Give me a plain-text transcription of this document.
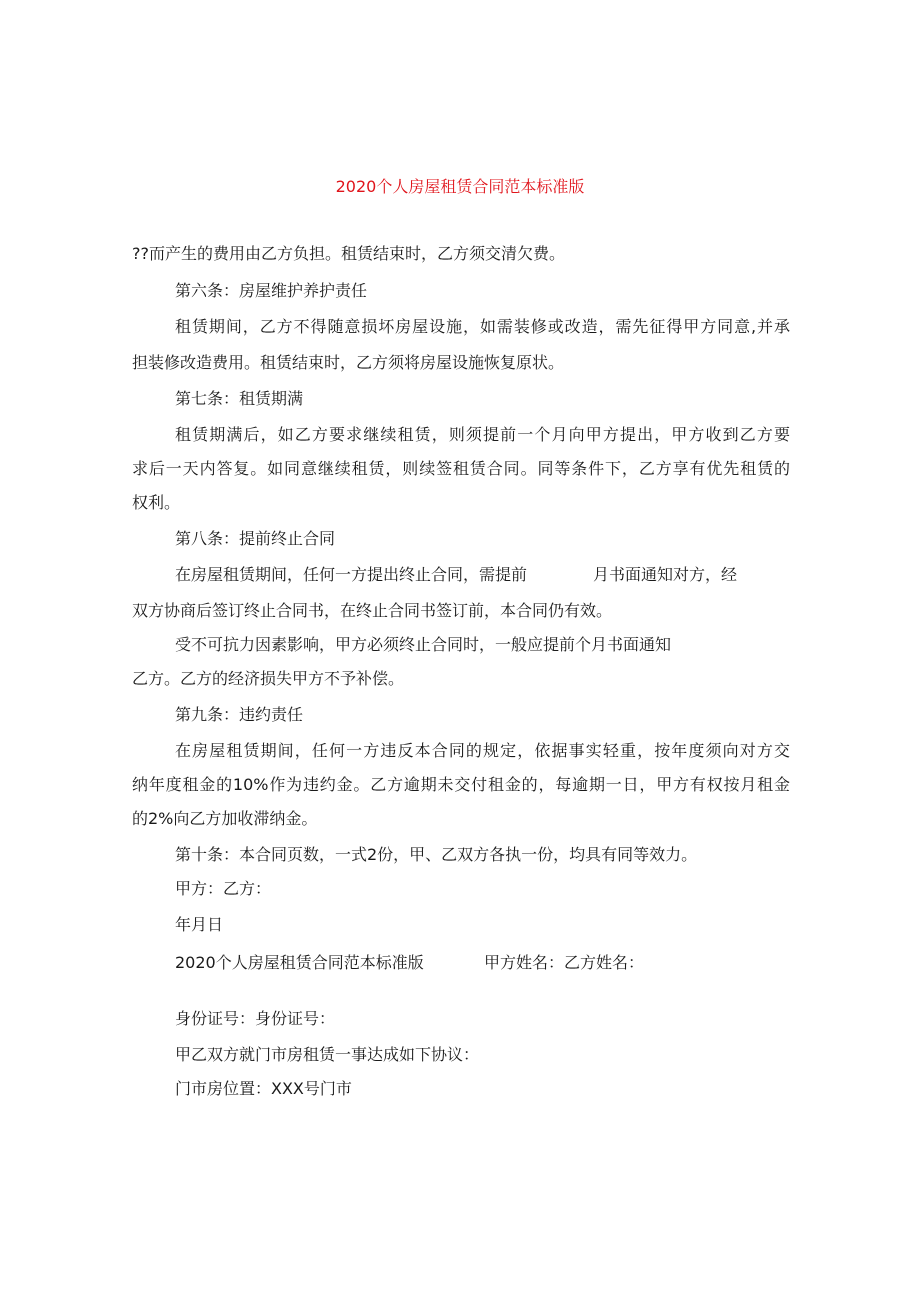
2020个人房屋租赁合同范本标准版
??而产生的费用由乙方负担。租赁结束时，乙方须交清欠费。
第六条：房屋维护养护责任
租赁期间，乙方不得随意损坏房屋设施，如需装修或改造，需先征得甲方同意,并承
担装修改造费用。租赁结束时，乙方须将房屋设施恢复原状。
第七条：租赁期满
租赁期满后，如乙方要求继续租赁，则须提前一个月向甲方提出，甲方收到乙方要
求后一天内答复。如同意继续租赁，则续签租赁合同。同等条件下，乙方享有优先租赁的
权利。
第八条：提前终止合同
在房屋租赁期间，任何一方提出终止合同，需提前	月书面通知对方，经
双方协商后签订终止合同书，在终止合同书签订前，本合同仍有效。
受不可抗力因素影响，甲方必须终止合同时，一般应提前个月书面通知
乙方。乙方的经济损失甲方不予补偿。
第九条：违约责任
在房屋租赁期间，任何一方违反本合同的规定，依据事实轻重，按年度须向对方交
纳年度租金的10%作为违约金。乙方逾期未交付租金的，每逾期一日，甲方有权按月租金
的2%向乙方加收滞纳金。
第十条：本合同页数，一式2份，甲、乙双方各执一份，均具有同等效力。
甲方：乙方：
年月日
2020个人房屋租赁合同范本标准版	甲方姓名：乙方姓名：
身份证号：身份证号：
甲乙双方就门市房租赁一事达成如下协议：
门市房位置：XXX号门市
